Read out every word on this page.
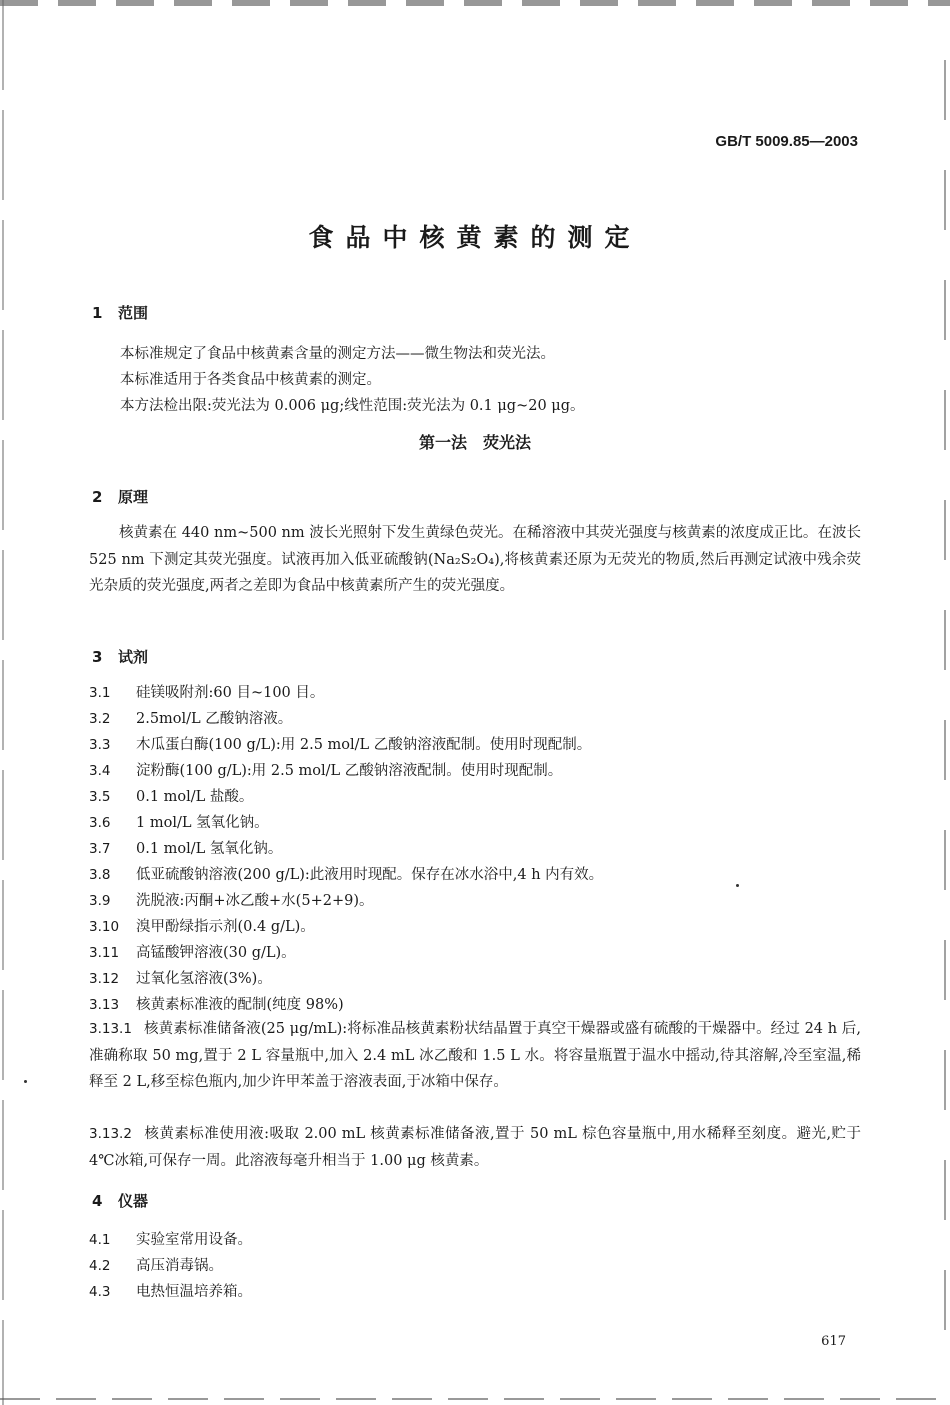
GB/T 5009.85—2003
食品中核黄素的测定
1 范围
本标准规定了食品中核黄素含量的测定方法——微生物法和荧光法。
本标准适用于各类食品中核黄素的测定。
本方法检出限:荧光法为 0.006 μg;线性范围:荧光法为 0.1 μg~20 μg。
第一法　荧光法
2 原理
核黄素在 440 nm~500 nm 波长光照射下发生黄绿色荧光。在稀溶液中其荧光强度与核黄素的浓度成正比。在波长 525 nm 下测定其荧光强度。试液再加入低亚硫酸钠(Na₂S₂O₄),将核黄素还原为无荧光的物质,然后再测定试液中残余荧光杂质的荧光强度,两者之差即为食品中核黄素所产生的荧光强度。
3 试剂
3.1 硅镁吸附剂:60 目~100 目。
3.2 2.5mol/L 乙酸钠溶液。
3.3 木瓜蛋白酶(100 g/L):用 2.5 mol/L 乙酸钠溶液配制。使用时现配制。
3.4 淀粉酶(100 g/L):用 2.5 mol/L 乙酸钠溶液配制。使用时现配制。
3.5 0.1 mol/L 盐酸。
3.6 1 mol/L 氢氧化钠。
3.7 0.1 mol/L 氢氧化钠。
3.8 低亚硫酸钠溶液(200 g/L):此液用时现配。保存在冰水浴中,4 h 内有效。
3.9 洗脱液:丙酮+冰乙酸+水(5+2+9)。
3.10 溴甲酚绿指示剂(0.4 g/L)。
3.11 高锰酸钾溶液(30 g/L)。
3.12 过氧化氢溶液(3%)。
3.13 核黄素标准液的配制(纯度 98%)
3.13.1 核黄素标准储备液(25 μg/mL):将标准品核黄素粉状结晶置于真空干燥器或盛有硫酸的干燥器中。经过 24 h 后,准确称取 50 mg,置于 2 L 容量瓶中,加入 2.4 mL 冰乙酸和 1.5 L 水。将容量瓶置于温水中摇动,待其溶解,冷至室温,稀释至 2 L,移至棕色瓶内,加少许甲苯盖于溶液表面,于冰箱中保存。
3.13.2 核黄素标准使用液:吸取 2.00 mL 核黄素标准储备液,置于 50 mL 棕色容量瓶中,用水稀释至刻度。避光,贮于 4℃冰箱,可保存一周。此溶液每毫升相当于 1.00 μg 核黄素。
4 仪器
4.1 实验室常用设备。
4.2 高压消毒锅。
4.3 电热恒温培养箱。
617
